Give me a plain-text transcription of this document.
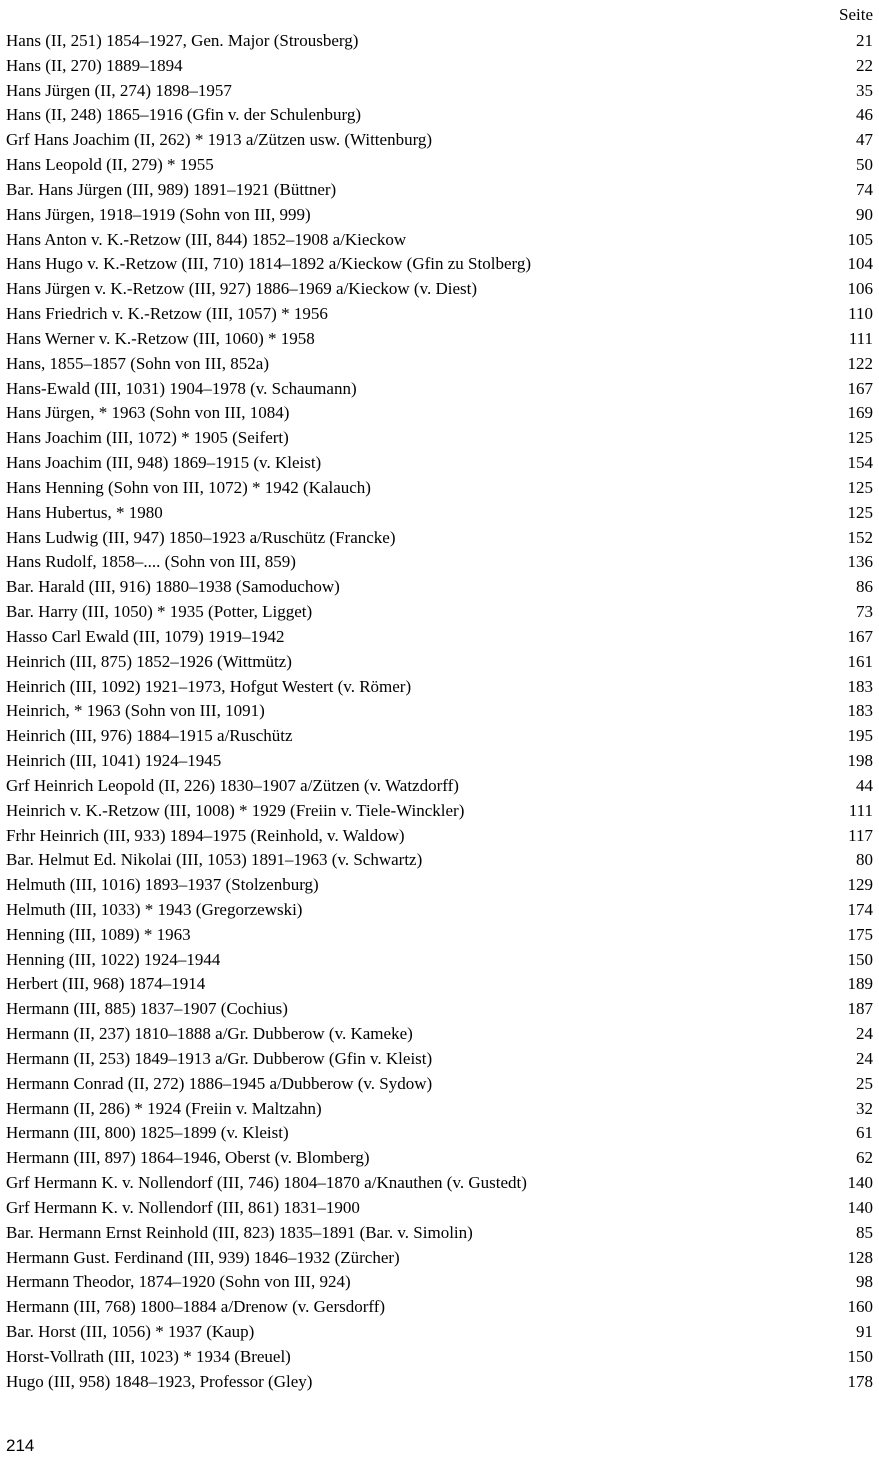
Seite
Hans (II, 251) 1854–1927, Gen. Major (Strousberg)	21
Hans (II, 270) 1889–1894	22
Hans Jürgen (II, 274) 1898–1957	35
Hans (II, 248) 1865–1916 (Gfin v. der Schulenburg)	46
Grf Hans Joachim (II, 262) * 1913 a/Zützen usw. (Wittenburg)	47
Hans Leopold (II, 279) * 1955	50
Bar. Hans Jürgen (III, 989) 1891–1921 (Büttner)	74
Hans Jürgen, 1918–1919 (Sohn von III, 999)	90
Hans Anton v. K.-Retzow (III, 844) 1852–1908 a/Kieckow	105
Hans Hugo v. K.-Retzow (III, 710) 1814–1892 a/Kieckow (Gfin zu Stolberg)	104
Hans Jürgen v. K.-Retzow (III, 927) 1886–1969 a/Kieckow (v. Diest)	106
Hans Friedrich v. K.-Retzow (III, 1057) * 1956	110
Hans Werner v. K.-Retzow (III, 1060) * 1958	111
Hans, 1855–1857 (Sohn von III, 852a)	122
Hans-Ewald (III, 1031) 1904–1978 (v. Schaumann)	167
Hans Jürgen, * 1963 (Sohn von III, 1084)	169
Hans Joachim (III, 1072) * 1905 (Seifert)	125
Hans Joachim (III, 948) 1869–1915 (v. Kleist)	154
Hans Henning (Sohn von III, 1072) * 1942 (Kalauch)	125
Hans Hubertus, * 1980	125
Hans Ludwig (III, 947) 1850–1923 a/Ruschütz (Francke)	152
Hans Rudolf, 1858–.... (Sohn von III, 859)	136
Bar. Harald (III, 916) 1880–1938 (Samoduchow)	86
Bar. Harry (III, 1050) * 1935 (Potter, Ligget)	73
Hasso Carl Ewald (III, 1079) 1919–1942	167
Heinrich (III, 875) 1852–1926 (Wittmütz)	161
Heinrich (III, 1092) 1921–1973, Hofgut Westert (v. Römer)	183
Heinrich, * 1963 (Sohn von III, 1091)	183
Heinrich (III, 976) 1884–1915 a/Ruschütz	195
Heinrich (III, 1041) 1924–1945	198
Grf Heinrich Leopold (II, 226) 1830–1907 a/Zützen (v. Watzdorff)	44
Heinrich v. K.-Retzow (III, 1008) * 1929 (Freiin v. Tiele-Winckler)	111
Frhr Heinrich (III, 933) 1894–1975 (Reinhold, v. Waldow)	117
Bar. Helmut Ed. Nikolai (III, 1053) 1891–1963 (v. Schwartz)	80
Helmuth (III, 1016) 1893–1937 (Stolzenburg)	129
Helmuth (III, 1033) * 1943 (Gregorzewski)	174
Henning (III, 1089) * 1963	175
Henning (III, 1022) 1924–1944	150
Herbert (III, 968) 1874–1914	189
Hermann (III, 885) 1837–1907 (Cochius)	187
Hermann (II, 237) 1810–1888 a/Gr. Dubberow (v. Kameke)	24
Hermann (II, 253) 1849–1913 a/Gr. Dubberow (Gfin v. Kleist)	24
Hermann Conrad (II, 272) 1886–1945 a/Dubberow (v. Sydow)	25
Hermann (II, 286) * 1924 (Freiin v. Maltzahn)	32
Hermann (III, 800) 1825–1899 (v. Kleist)	61
Hermann (III, 897) 1864–1946, Oberst (v. Blomberg)	62
Grf Hermann K. v. Nollendorf (III, 746) 1804–1870 a/Knauthen (v. Gustedt)	140
Grf Hermann K. v. Nollendorf (III, 861) 1831–1900	140
Bar. Hermann Ernst Reinhold (III, 823) 1835–1891 (Bar. v. Simolin)	85
Hermann Gust. Ferdinand (III, 939) 1846–1932 (Zürcher)	128
Hermann Theodor, 1874–1920 (Sohn von III, 924)	98
Hermann (III, 768) 1800–1884 a/Drenow (v. Gersdorff)	160
Bar. Horst (III, 1056) * 1937 (Kaup)	91
Horst-Vollrath (III, 1023) * 1934 (Breuel)	150
Hugo (III, 958) 1848–1923, Professor (Gley)	178
214
